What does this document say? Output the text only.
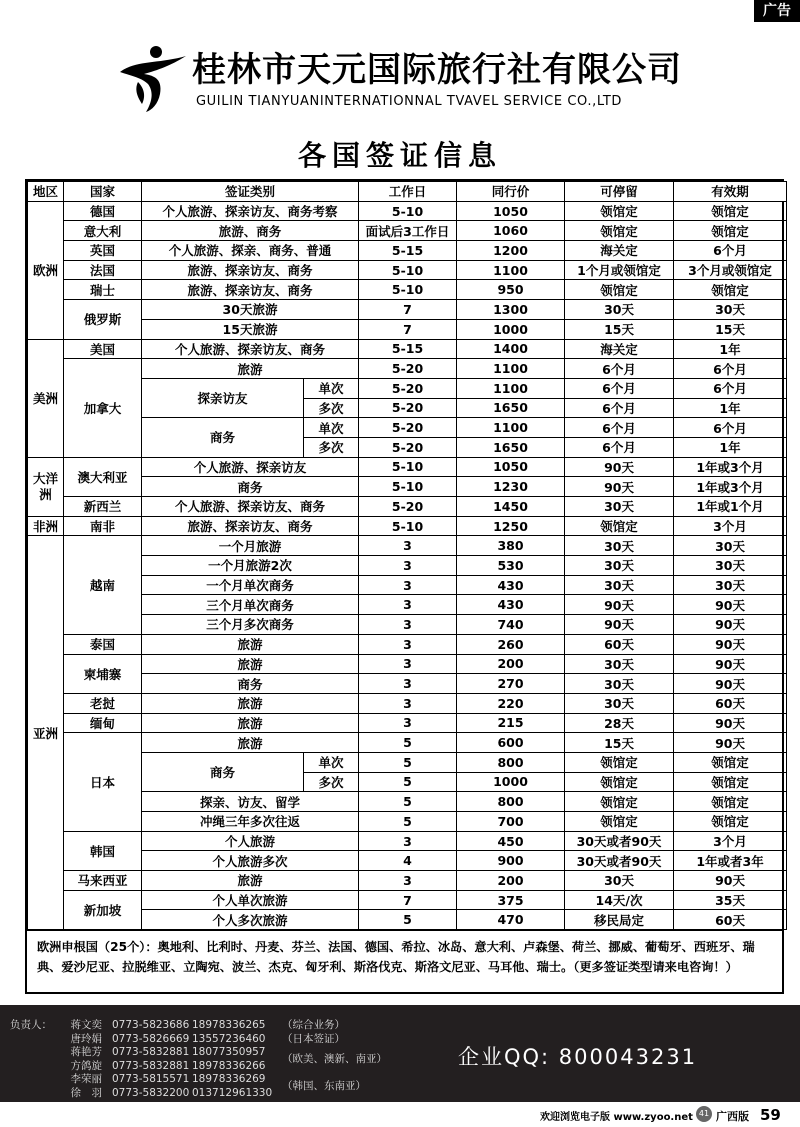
广告
桂林市天元国际旅行社有限公司
GUILIN TIANYUANINTERNATIONNAL TVAVEL SERVICE CO.,LTD
各国签证信息
地区	国家	签证类别		工作日	同行价	可停留	有效期
欧洲	德国	个人旅游、探亲访友、商务考察		5-10	1050	领馆定	领馆定
	意大利	旅游、商务		面试后3工作日	1060	领馆定	领馆定
	英国	个人旅游、探亲、商务、普通		5-15	1200	海关定	6个月
	法国	旅游、探亲访友、商务		5-10	1100	1个月或领馆定	3个月或领馆定
	瑞士	旅游、探亲访友、商务		5-10	950	领馆定	领馆定
	俄罗斯	30天旅游		7	1300	30天	30天
		15天旅游		7	1000	15天	15天
美洲	美国	个人旅游、探亲访友、商务		5-15	1400	海关定	1年
	加拿大	旅游		5-20	1100	6个月	6个月
		探亲访友	单次	5-20	1100	6个月	6个月
			多次	5-20	1650	6个月	1年
		商务	单次	5-20	1100	6个月	6个月
			多次	5-20	1650	6个月	1年
大洋洲	澳大利亚	个人旅游、探亲访友		5-10	1050	90天	1年或3个月
		商务		5-10	1230	90天	1年或3个月
	新西兰	个人旅游、探亲访友、商务		5-20	1450	30天	1年或1个月
非洲	南非	旅游、探亲访友、商务		5-10	1250	领馆定	3个月
亚洲	越南	一个月旅游		3	380	30天	30天
		一个月旅游2次		3	530	30天	30天
		一个月单次商务		3	430	30天	30天
		三个月单次商务		3	430	90天	90天
		三个月多次商务		3	740	90天	90天
	泰国	旅游		3	260	60天	90天
	柬埔寨	旅游		3	200	30天	90天
		商务		3	270	30天	90天
	老挝	旅游		3	220	30天	60天
	缅甸	旅游		3	215	28天	90天
	日本	旅游		5	600	15天	90天
		商务	单次	5	800	领馆定	领馆定
			多次	5	1000	领馆定	领馆定
		探亲、访友、留学		5	800	领馆定	领馆定
		冲绳三年多次往返		5	700	领馆定	领馆定
	韩国	个人旅游		3	450	30天或者90天	3个月
		个人旅游多次		4	900	30天或者90天	1年或者3年
	马来西亚	旅游		3	200	30天	90天
	新加坡	个人单次旅游		7	375	14天/次	35天
		个人多次旅游		5	470	移民局定	60天
欧洲申根国（25个）：奥地利、比利时、丹麦、芬兰、法国、德国、希拉、冰岛、意大利、卢森堡、荷兰、挪威、葡萄牙、西班牙、瑞典、爱沙尼亚、拉脱维亚、立陶宛、波兰、杰克、匈牙利、斯洛伐克、斯洛文尼亚、马耳他、瑞士。（更多签证类型请来电咨询！）
负责人：	蒋文奕 0773-5823686 18978336265 （综合业务）
唐玲娟 0773-5826669 13557236460 （日本签证）
蒋艳芳 0773-5832881 18077350957
方鸽旋 0773-5832881 18978336266
（欧美、澳新、南亚）
李荣丽 0773-5815571 18978336269
徐　羽 0773-5832200 013712961330
（韩国、东南亚）
企业QQ: 800043231
欢迎浏览电子版 www.zyoo.net 41 广西版 59
